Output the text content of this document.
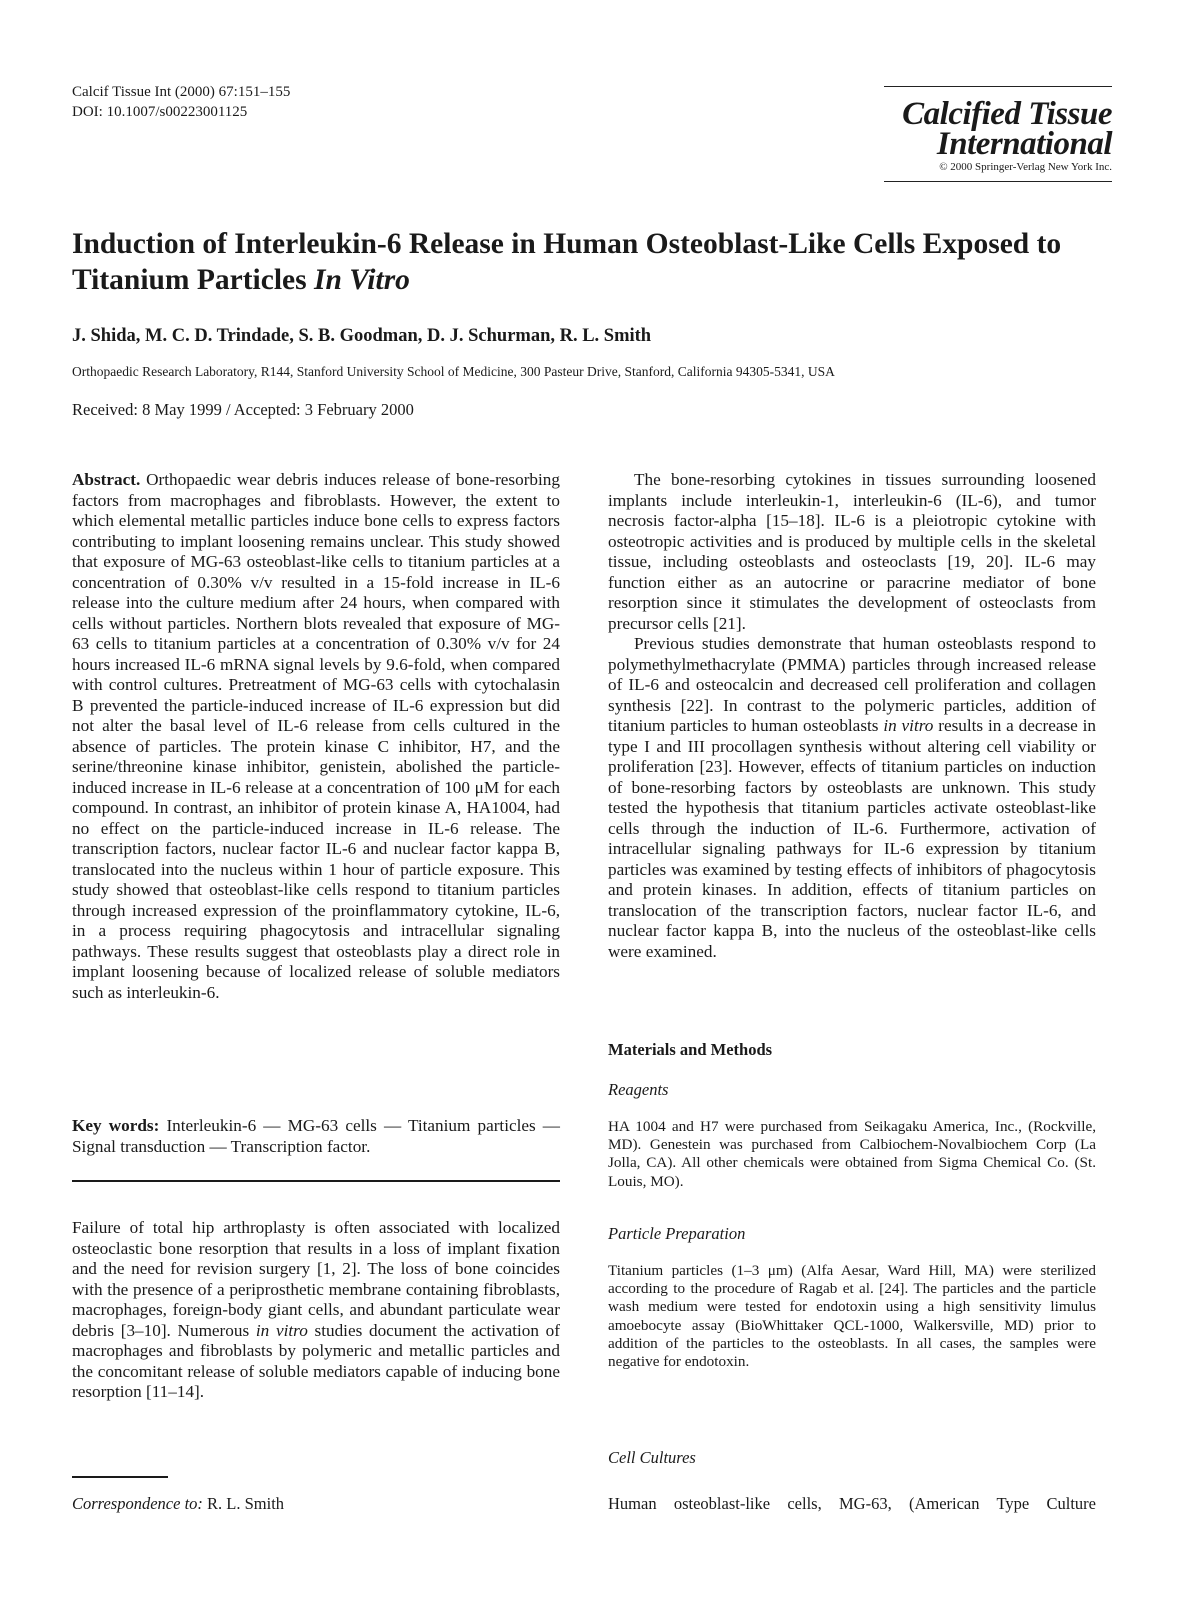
Calcif Tissue Int (2000) 67:151–155
DOI: 10.1007/s00223001125	Calcified Tissue
International
© 2000 Springer-Verlag New York Inc.
Induction of Interleukin-6 Release in Human Osteoblast-Like Cells Exposed to Titanium Particles In Vitro
J. Shida, M. C. D. Trindade, S. B. Goodman, D. J. Schurman, R. L. Smith
Orthopaedic Research Laboratory, R144, Stanford University School of Medicine, 300 Pasteur Drive, Stanford, California 94305-5341, USA
Received: 8 May 1999 / Accepted: 3 February 2000

Abstract. Orthopaedic wear debris induces release of bone-resorbing factors from macrophages and fibroblasts. However, the extent to which elemental metallic particles induce bone cells to express factors contributing to implant loosening remains unclear. This study showed that exposure of MG-63 osteoblast-like cells to titanium particles at a concentration of 0.30% v/v resulted in a 15-fold increase in IL-6 release into the culture medium after 24 hours, when compared with cells without particles. Northern blots revealed that exposure of MG-63 cells to titanium particles at a concentration of 0.30% v/v for 24 hours increased IL-6 mRNA signal levels by 9.6-fold, when compared with control cultures. Pretreatment of MG-63 cells with cytochalasin B prevented the particle-induced increase of IL-6 expression but did not alter the basal level of IL-6 release from cells cultured in the absence of particles. The protein kinase C inhibitor, H7, and the serine/threonine kinase inhibitor, genistein, abolished the particle-induced increase in IL-6 release at a concentration of 100 μM for each compound. In contrast, an inhibitor of protein kinase A, HA1004, had no effect on the particle-induced increase in IL-6 release. The transcription factors, nuclear factor IL-6 and nuclear factor kappa B, translocated into the nucleus within 1 hour of particle exposure. This study showed that osteoblast-like cells respond to titanium particles through increased expression of the proinflammatory cytokine, IL-6, in a process requiring phagocytosis and intracellular signaling pathways. These results suggest that osteoblasts play a direct role in implant loosening because of localized release of soluble mediators such as interleukin-6.

Key words: Interleukin-6 — MG-63 cells — Titanium particles — Signal transduction — Transcription factor.

Failure of total hip arthroplasty is often associated with localized osteoclastic bone resorption that results in a loss of implant fixation and the need for revision surgery [1, 2]. The loss of bone coincides with the presence of a periprosthetic membrane containing fibroblasts, macrophages, foreign-body giant cells, and abundant particulate wear debris [3–10]. Numerous in vitro studies document the activation of macrophages and fibroblasts by polymeric and metallic particles and the concomitant release of soluble mediators capable of inducing bone resorption [11–14].

Correspondence to: R. L. Smith

The bone-resorbing cytokines in tissues surrounding loosened implants include interleukin-1, interleukin-6 (IL-6), and tumor necrosis factor-alpha [15–18]. IL-6 is a pleiotropic cytokine with osteotropic activities and is produced by multiple cells in the skeletal tissue, including osteoblasts and osteoclasts [19, 20]. IL-6 may function either as an autocrine or paracrine mediator of bone resorption since it stimulates the development of osteoclasts from precursor cells [21].

Previous studies demonstrate that human osteoblasts respond to polymethylmethacrylate (PMMA) particles through increased release of IL-6 and osteocalcin and decreased cell proliferation and collagen synthesis [22]. In contrast to the polymeric particles, addition of titanium particles to human osteoblasts in vitro results in a decrease in type I and III procollagen synthesis without altering cell viability or proliferation [23]. However, effects of titanium particles on induction of bone-resorbing factors by osteoblasts are unknown. This study tested the hypothesis that titanium particles activate osteoblast-like cells through the induction of IL-6. Furthermore, activation of intracellular signaling pathways for IL-6 expression by titanium particles was examined by testing effects of inhibitors of phagocytosis and protein kinases. In addition, effects of titanium particles on translocation of the transcription factors, nuclear factor IL-6, and nuclear factor kappa B, into the nucleus of the osteoblast-like cells were examined.

Materials and Methods
Reagents

HA 1004 and H7 were purchased from Seikagaku America, Inc., (Rockville, MD). Genestein was purchased from Calbiochem-Novalbiochem Corp (La Jolla, CA). All other chemicals were obtained from Sigma Chemical Co. (St. Louis, MO).

Particle Preparation

Titanium particles (1–3 μm) (Alfa Aesar, Ward Hill, MA) were sterilized according to the procedure of Ragab et al. [24]. The particles and the particle wash medium were tested for endotoxin using a high sensitivity limulus amoebocyte assay (BioWhittaker QCL-1000, Walkersville, MD) prior to addition of the particles to the osteoblasts. In all cases, the samples were negative for endotoxin.

Cell Cultures
Human osteoblast-like cells, MG-63, (American Type Culture
